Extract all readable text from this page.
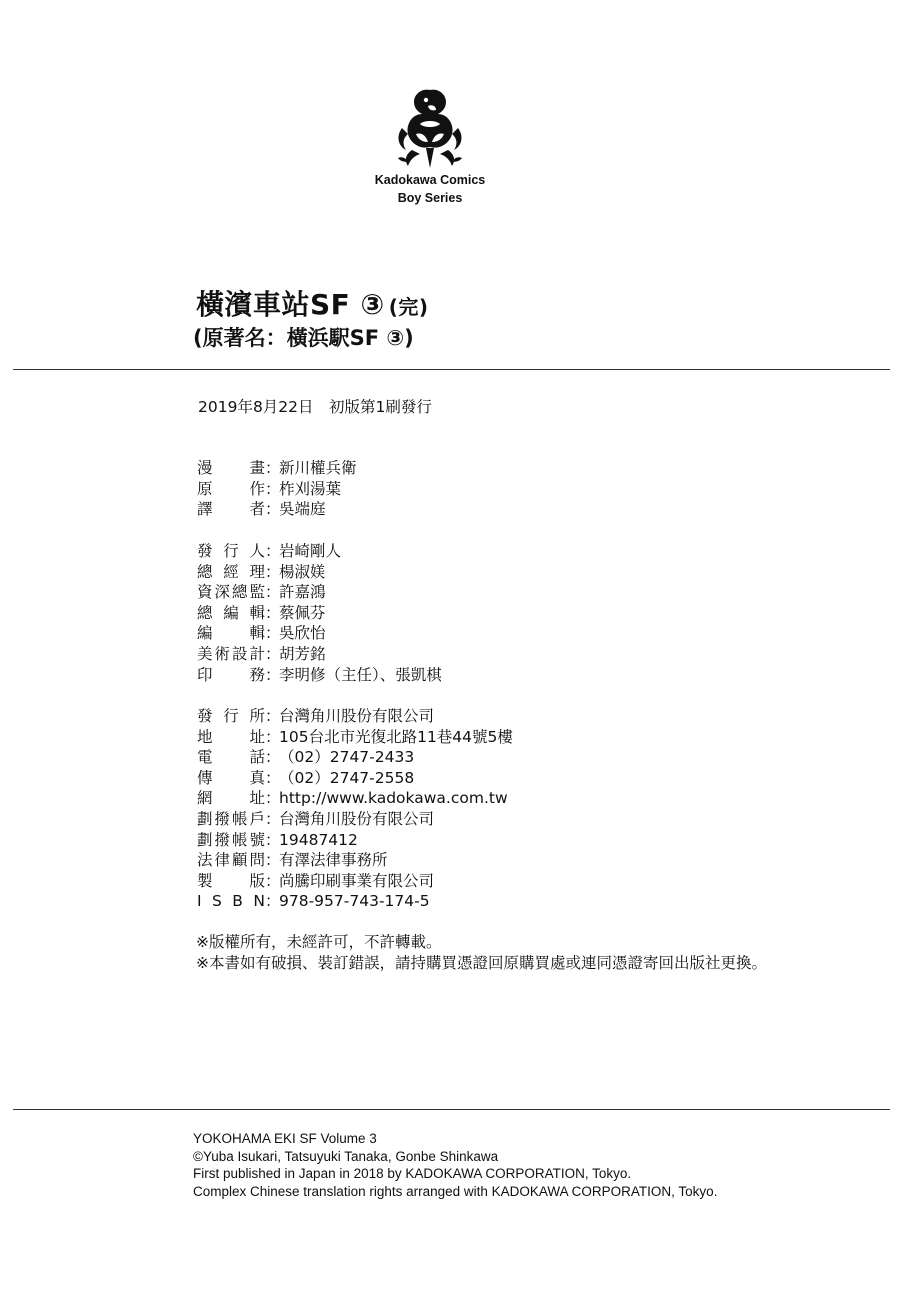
Kadokawa Comics
Boy Series
橫濱車站SF ③ (完)
(原著名：橫浜駅SF ③)
2019年8月22日　初版第1刷發行
漫 畫 ：
新川權兵衛
原 作 ：
柞刈湯葉
譯 者 ：
吳端庭
發 行 人 ：
岩崎剛人
總 經 理 ：
楊淑媄
資 深 總 監 ：
許嘉鴻
總 編 輯 ：
蔡佩芬
編 輯 ：
吳欣怡
美 術 設 計 ：
胡芳銘
印 務 ：
李明修（主任）、張凱棋
發 行 所 ：
台灣角川股份有限公司
地 址 ：
105台北市光復北路11巷44號5樓
電 話 ：
（02）2747-2433
傳 真 ：
（02）2747-2558
網 址 ：
http://www.kadokawa.com.tw
劃 撥 帳 戶 ：
台灣角川股份有限公司
劃 撥 帳 號 ：
19487412
法 律 顧 問 ：
有澤法律事務所
製 版 ：
尚騰印刷事業有限公司
I S B N ：
978-957-743-174-5
※版權所有，未經許可，不許轉載。
※本書如有破損、裝訂錯誤，請持購買憑證回原購買處或連同憑證寄回出版社更換。
YOKOHAMA EKI SF Volume 3
©Yuba Isukari, Tatsuyuki Tanaka, Gonbe Shinkawa
First published in Japan in 2018 by KADOKAWA CORPORATION, Tokyo.
Complex Chinese translation rights arranged with KADOKAWA CORPORATION, Tokyo.
